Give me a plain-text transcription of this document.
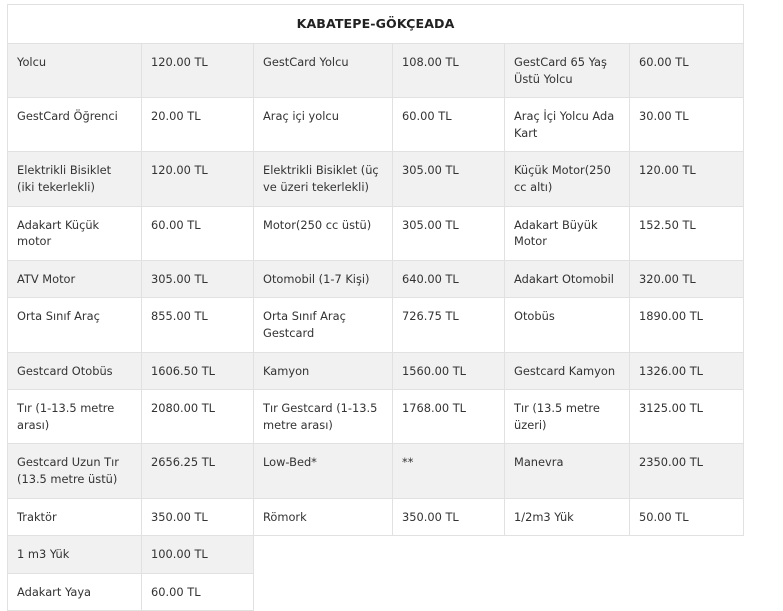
KABATEPE-GÖKÇEADA					
Yolcu	120.00 TL	GestCard Yolcu	108.00 TL	GestCard 65 Yaş Üstü Yolcu	60.00 TL
GestCard Öğrenci	20.00 TL	Araç içi yolcu	60.00 TL	Araç İçi Yolcu Ada Kart	30.00 TL
Elektrikli Bisiklet (iki tekerlekli)	120.00 TL	Elektrikli Bisiklet (üç ve üzeri tekerlekli)	305.00 TL	Küçük Motor(250 cc altı)	120.00 TL
Adakart Küçük motor	60.00 TL	Motor(250 cc üstü)	305.00 TL	Adakart Büyük Motor	152.50 TL
ATV Motor	305.00 TL	Otomobil (1-7 Kişi)	640.00 TL	Adakart Otomobil	320.00 TL
Orta Sınıf Araç	855.00 TL	Orta Sınıf Araç Gestcard	726.75 TL	Otobüs	1890.00 TL
Gestcard Otobüs	1606.50 TL	Kamyon	1560.00 TL	Gestcard Kamyon	1326.00 TL
Tır (1-13.5 metre arası)	2080.00 TL	Tır Gestcard (1-13.5 metre arası)	1768.00 TL	Tır (13.5 metre üzeri)	3125.00 TL
Gestcard Uzun Tır (13.5 metre üstü)	2656.25 TL	Low-Bed*	**	Manevra	2350.00 TL
Traktör	350.00 TL	Römork	350.00 TL	1/2m3 Yük	50.00 TL
1 m3 Yük	100.00 TL				
Adakart Yaya	60.00 TL				
